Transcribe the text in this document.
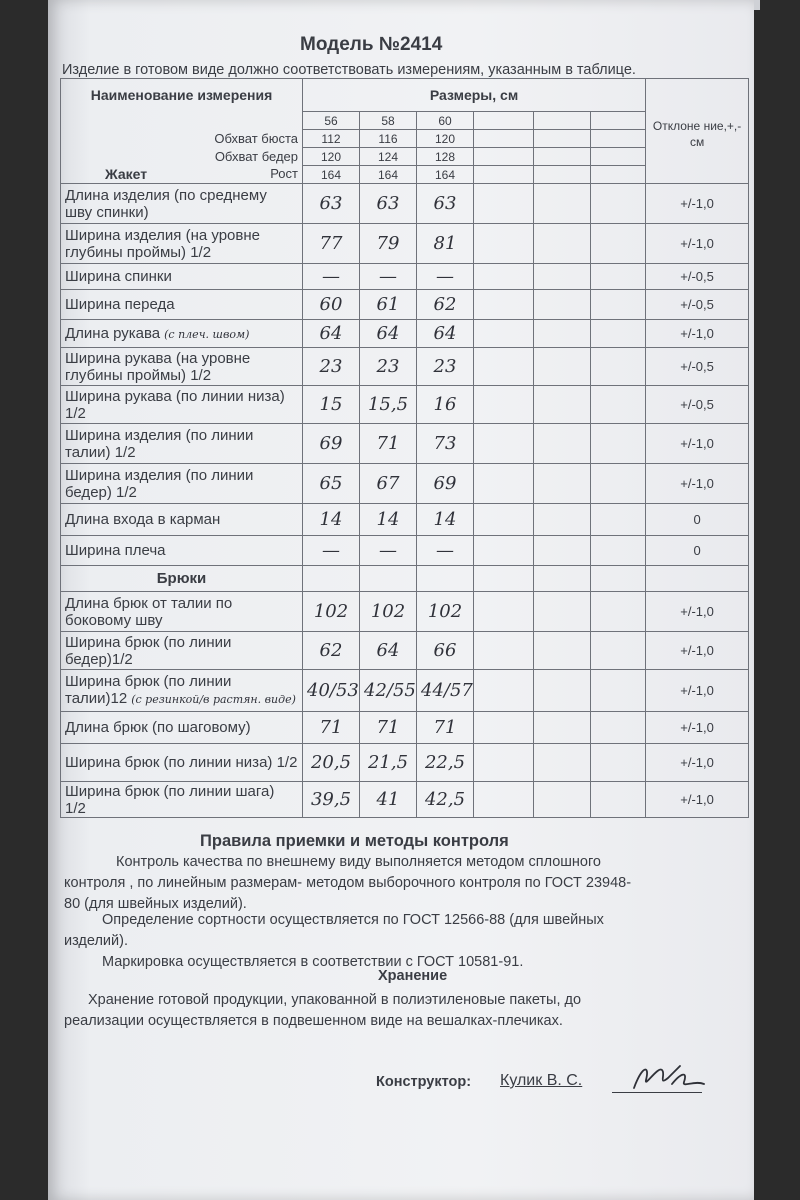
Модель №2414
Изделие в готовом виде должно соответствовать измерениям, указанным в таблице.
Наименование измерения	Размеры, см						Отклоне ние,+,- см
	56	58	60				
Обхват бюста	112	116	120				
Обхват бедер	120	124	128				

Жакет Рост	164	164	164				
Длина изделия (по среднему шву спинки)	63	63	63				+/-1,0
Ширина изделия (на уровне глубины проймы) 1/2	77	79	81				+/-1,0
Ширина спинки	—	—	—				+/-0,5
Ширина переда	60	61	62				+/-0,5
Длина рукава (с плеч. швом)	64	64	64				+/-1,0
Ширина рукава (на уровне глубины проймы) 1/2	23	23	23				+/-0,5
Ширина рукава (по линии низа) 1/2	15	15,5	16				+/-0,5
Ширина изделия (по линии талии) 1/2	69	71	73				+/-1,0
Ширина изделия (по линии бедер) 1/2	65	67	69				+/-1,0
Длина входа в карман	14	14	14				0
Ширина плеча	—	—	—				0
Брюки							
Длина брюк от талии по боковому шву	102	102	102				+/-1,0
Ширина брюк (по линии бедер)1/2	62	64	66				+/-1,0
Ширина брюк (по линии талии)12 (с резинкой/в растян. виде)	40/53	42/55	44/57				+/-1,0
Длина брюк (по шаговому)	71	71	71				+/-1,0
Ширина брюк (по линии низа) 1/2	20,5	21,5	22,5				+/-1,0
Ширина брюк (по линии шага) 1/2	39,5	41	42,5				+/-1,0
Правила приемки и методы контроля
Контроль качества по внешнему виду выполняется методом сплошного
контроля , по линейным размерам- методом выборочного контроля по ГОСТ 23948-
80 (для швейных изделий).
Определение сортности осуществляется по ГОСТ 12566-88 (для швейных
изделий).
Маркировка осуществляется в соответствии с ГОСТ 10581-91.
Хранение
Хранение готовой продукции, упакованной в полиэтиленовые пакеты, до
реализации осуществляется в подвешенном виде на вешалках-плечиках.
Конструктор: Кулик В. С.
